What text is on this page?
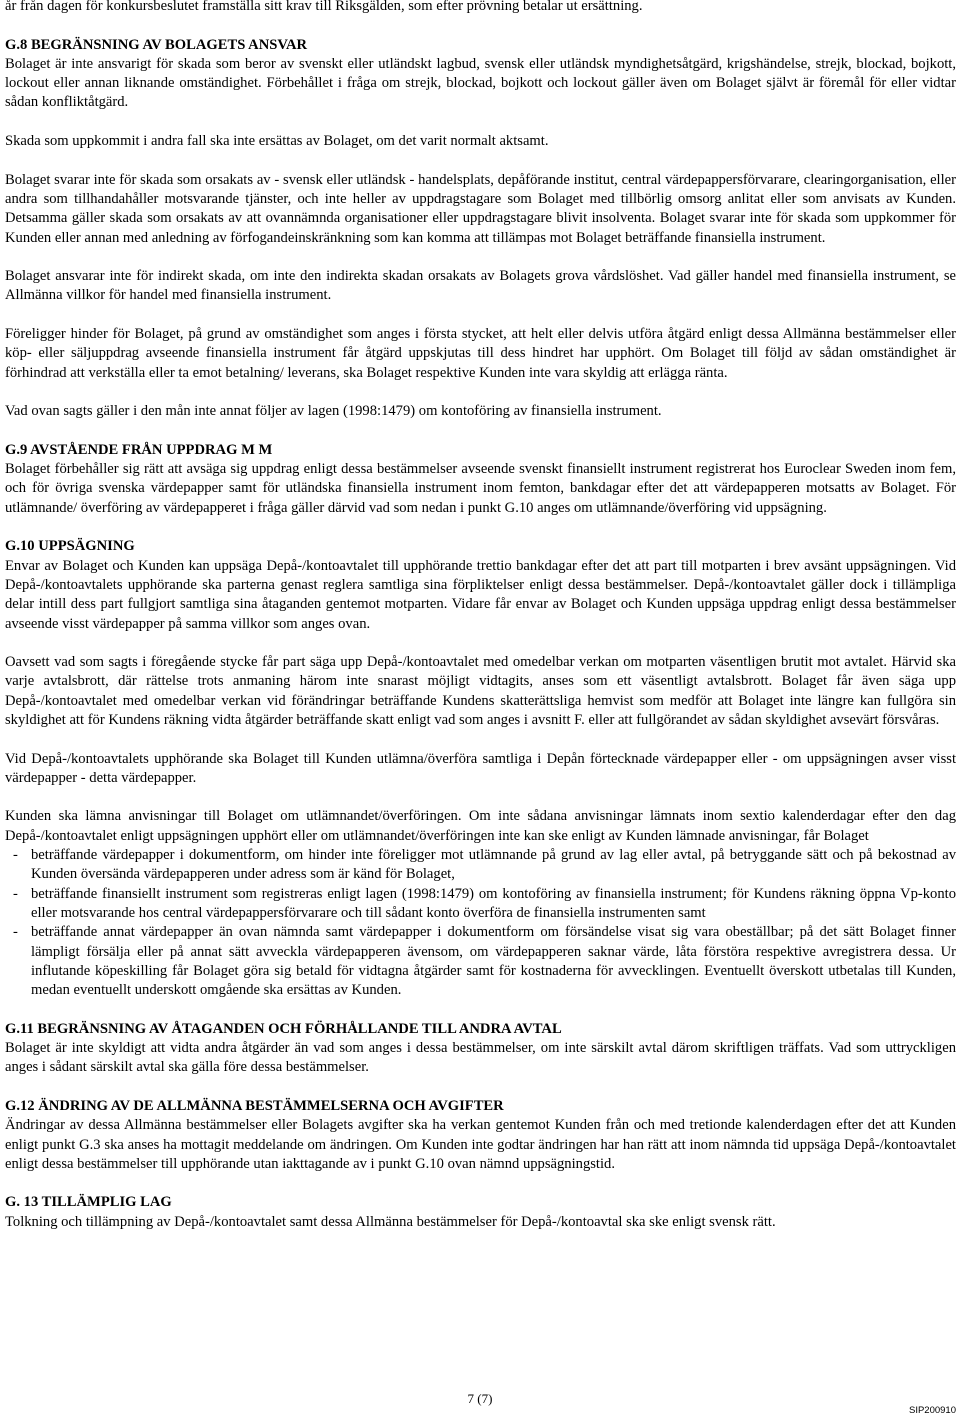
år från dagen för konkursbeslutet framställa sitt krav till Riksgälden, som efter prövning betalar ut ersättning.

G.8 BEGRÄNSNING AV BOLAGETS ANSVAR

Bolaget är inte ansvarigt för skada som beror av svenskt eller utländskt lagbud, svensk eller utländsk myndighetsåtgärd, krigshändelse, strejk, blockad, bojkott, lockout eller annan liknande omständighet. Förbehållet i fråga om strejk, blockad, bojkott och lockout gäller även om Bolaget självt är föremål för eller vidtar sådan konfliktåtgärd.

Skada som uppkommit i andra fall ska inte ersättas av Bolaget, om det varit normalt aktsamt.

Bolaget svarar inte för skada som orsakats av - svensk eller utländsk - handelsplats, depåförande institut, central värdepappersförvarare, clearingorganisation, eller andra som tillhandahåller motsvarande tjänster, och inte heller av uppdragstagare som Bolaget med tillbörlig omsorg anlitat eller som anvisats av Kunden. Detsamma gäller skada som orsakats av att ovannämnda organisationer eller uppdragstagare blivit insolventa. Bolaget svarar inte för skada som uppkommer för Kunden eller annan med anledning av förfogandeinskränkning som kan komma att tillämpas mot Bolaget beträffande finansiella instrument.

Bolaget ansvarar inte för indirekt skada, om inte den indirekta skadan orsakats av Bolagets grova vårdslöshet. Vad gäller handel med finansiella instrument, se Allmänna villkor för handel med finansiella instrument.

Föreligger hinder för Bolaget, på grund av omständighet som anges i första stycket, att helt eller delvis utföra åtgärd enligt dessa Allmänna bestämmelser eller köp- eller säljuppdrag avseende finansiella instrument får åtgärd uppskjutas till dess hindret har upphört. Om Bolaget till följd av sådan omständighet är förhindrad att verkställa eller ta emot betalning/ leverans, ska Bolaget respektive Kunden inte vara skyldig att erlägga ränta.

Vad ovan sagts gäller i den mån inte annat följer av lagen (1998:1479) om kontoföring av finansiella instrument.

G.9 AVSTÅENDE FRÅN UPPDRAG M M

Bolaget förbehåller sig rätt att avsäga sig uppdrag enligt dessa bestämmelser avseende svenskt finansiellt instrument registrerat hos Euroclear Sweden inom fem, och för övriga svenska värdepapper samt för utländska finansiella instrument inom femton, bankdagar efter det att värdepapperen motsatts av Bolaget. För utlämnande/ överföring av värdepapperet i fråga gäller därvid vad som nedan i punkt G.10 anges om utlämnande/överföring vid uppsägning.

G.10 UPPSÄGNING

Envar av Bolaget och Kunden kan uppsäga Depå-/kontoavtalet till upphörande trettio bankdagar efter det att part till motparten i brev avsänt uppsägningen. Vid Depå-/kontoavtalets upphörande ska parterna genast reglera samtliga sina förpliktelser enligt dessa bestämmelser. Depå-/kontoavtalet gäller dock i tillämpliga delar intill dess part fullgjort samtliga sina åtaganden gentemot motparten. Vidare får envar av Bolaget och Kunden uppsäga uppdrag enligt dessa bestämmelser avseende visst värdepapper på samma villkor som anges ovan.

Oavsett vad som sagts i föregående stycke får part säga upp Depå-/kontoavtalet med omedelbar verkan om motparten väsentligen brutit mot avtalet. Härvid ska varje avtalsbrott, där rättelse trots anmaning härom inte snarast möjligt vidtagits, anses som ett väsentligt avtalsbrott. Bolaget får även säga upp Depå-/kontoavtalet med omedelbar verkan vid förändringar beträffande Kundens skatterättsliga hemvist som medför att Bolaget inte längre kan fullgöra sin skyldighet att för Kundens räkning vidta åtgärder beträffande skatt enligt vad som anges i avsnitt F. eller att fullgörandet av sådan skyldighet avsevärt försvåras.

Vid Depå-/kontoavtalets upphörande ska Bolaget till Kunden utlämna/överföra samtliga i Depån förtecknade värdepapper eller - om uppsägningen avser visst värdepapper - detta värdepapper.

Kunden ska lämna anvisningar till Bolaget om utlämnandet/överföringen. Om inte sådana anvisningar lämnats inom sextio kalenderdagar efter den dag Depå-/kontoavtalet enligt uppsägningen upphört eller om utlämnandet/överföringen inte kan ske enligt av Kunden lämnade anvisningar, får Bolaget

- beträffande värdepapper i dokumentform, om hinder inte föreligger mot utlämnande på grund av lag eller avtal, på betryggande sätt och på bekostnad av Kunden översända värdepapperen under adress som är känd för Bolaget,
- beträffande finansiellt instrument som registreras enligt lagen (1998:1479) om kontoföring av finansiella instrument; för Kundens räkning öppna Vp-konto eller motsvarande hos central värdepappersförvarare och till sådant konto överföra de finansiella instrumenten samt
- beträffande annat värdepapper än ovan nämnda samt värdepapper i dokumentform om försändelse visat sig vara obeställbar; på det sätt Bolaget finner lämpligt försälja eller på annat sätt avveckla värdepapperen ävensom, om värdepapperen saknar värde, låta förstöra respektive avregistrera dessa. Ur influtande köpeskilling får Bolaget göra sig betald för vidtagna åtgärder samt för kostnaderna för avvecklingen. Eventuellt överskott utbetalas till Kunden, medan eventuellt underskott omgående ska ersättas av Kunden.
G.11 BEGRÄNSNING AV ÅTAGANDEN OCH FÖRHÅLLANDE TILL ANDRA AVTAL

Bolaget är inte skyldigt att vidta andra åtgärder än vad som anges i dessa bestämmelser, om inte särskilt avtal därom skriftligen träffats. Vad som uttryckligen anges i sådant särskilt avtal ska gälla före dessa bestämmelser.

G.12 ÄNDRING AV DE ALLMÄNNA BESTÄMMELSERNA OCH AVGIFTER

Ändringar av dessa Allmänna bestämmelser eller Bolagets avgifter ska ha verkan gentemot Kunden från och med tretionde kalenderdagen efter det att Kunden enligt punkt G.3 ska anses ha mottagit meddelande om ändringen. Om Kunden inte godtar ändringen har han rätt att inom nämnda tid uppsäga Depå-/kontoavtalet enligt dessa bestämmelser till upphörande utan iakttagande av i punkt G.10 ovan nämnd uppsägningstid.

G. 13 TILLÄMPLIG LAG

Tolkning och tillämpning av Depå-/kontoavtalet samt dessa Allmänna bestämmelser för Depå-/kontoavtal ska ske enligt svensk rätt.

7 (7)
SIP200910
